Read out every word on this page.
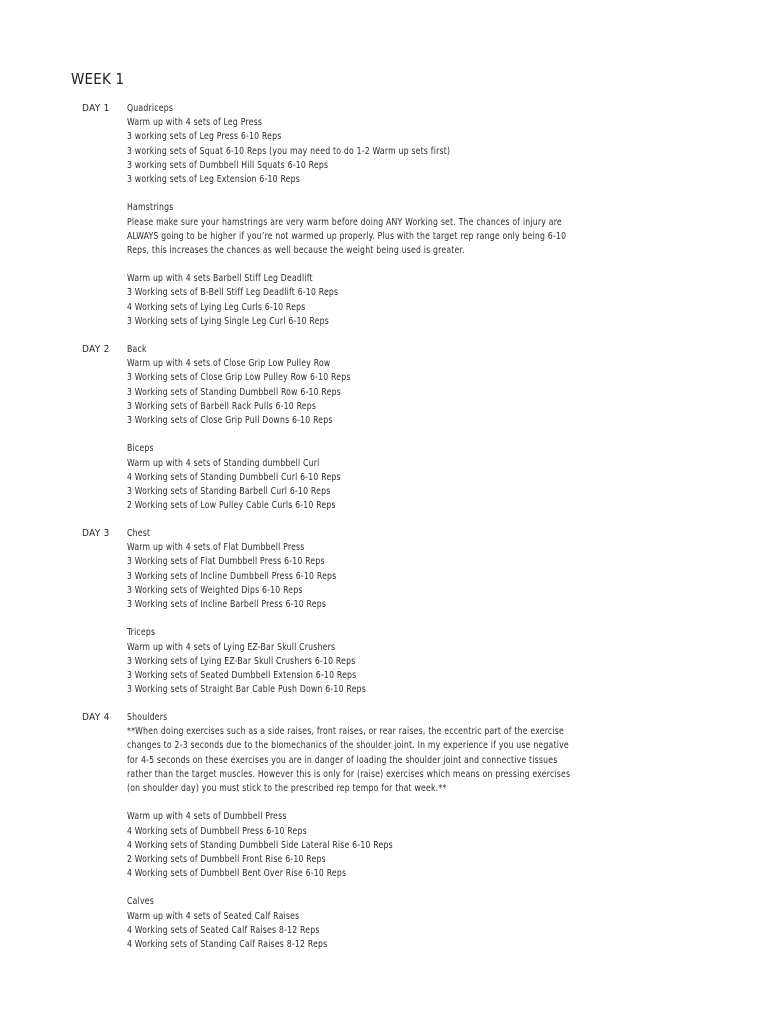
WEEK 1
DAY 1 Quadriceps
Warm up with 4 sets of Leg Press
3 working sets of Leg Press 6-10 Reps
3 working sets of Squat 6-10 Reps (you may need to do 1-2 Warm up sets first)
3 working sets of Dumbbell Hill Squats 6-10 Reps
3 working sets of Leg Extension 6-10 Reps
Hamstrings
Please make sure your hamstrings are very warm before doing ANY Working set. The chances of injury are
ALWAYS going to be higher if you’re not warmed up properly. Plus with the target rep range only being 6-10
Reps, this increases the chances as well because the weight being used is greater.
Warm up with 4 sets Barbell Stiff Leg Deadlift
3 Working sets of B-Bell Stiff Leg Deadlift 6-10 Reps
4 Working sets of Lying Leg Curls 6-10 Reps
3 Working sets of Lying Single Leg Curl 6-10 Reps
DAY 2 Back
Warm up with 4 sets of Close Grip Low Pulley Row
3 Working sets of Close Grip Low Pulley Row 6-10 Reps
3 Working sets of Standing Dumbbell Row 6-10 Reps
3 Working sets of Barbell Rack Pulls 6-10 Reps
3 Working sets of Close Grip Pull Downs 6-10 Reps
Biceps
Warm up with 4 sets of Standing dumbbell Curl
4 Working sets of Standing Dumbbell Curl 6-10 Reps
3 Working sets of Standing Barbell Curl 6-10 Reps
2 Working sets of Low Pulley Cable Curls 6-10 Reps
DAY 3 Chest
Warm up with 4 sets of Flat Dumbbell Press
3 Working sets of Flat Dumbbell Press 6-10 Reps
3 Working sets of Incline Dumbbell Press 6-10 Reps
3 Working sets of Weighted Dips 6-10 Reps
3 Working sets of Incline Barbell Press 6-10 Reps
Triceps
Warm up with 4 sets of Lying EZ-Bar Skull Crushers
3 Working sets of Lying EZ-Bar Skull Crushers 6-10 Reps
3 Working sets of Seated Dumbbell Extension 6-10 Reps
3 Working sets of Straight Bar Cable Push Down 6-10 Reps
DAY 4 Shoulders
**When doing exercises such as a side raises, front raises, or rear raises, the eccentric part of the exercise
changes to 2-3 seconds due to the biomechanics of the shoulder joint. In my experience if you use negative
for 4-5 seconds on these exercises you are in danger of loading the shoulder joint and connective tissues
rather than the target muscles. However this is only for (raise) exercises which means on pressing exercises
(on shoulder day) you must stick to the prescribed rep tempo for that week.**
Warm up with 4 sets of Dumbbell Press
4 Working sets of Dumbbell Press 6-10 Reps
4 Working sets of Standing Dumbbell Side Lateral Rise 6-10 Reps
2 Working sets of Dumbbell Front Rise 6-10 Reps
4 Working sets of Dumbbell Bent Over Rise 6-10 Reps
Calves
Warm up with 4 sets of Seated Calf Raises
4 Working sets of Seated Calf Raises 8-12 Reps
4 Working sets of Standing Calf Raises 8-12 Reps
